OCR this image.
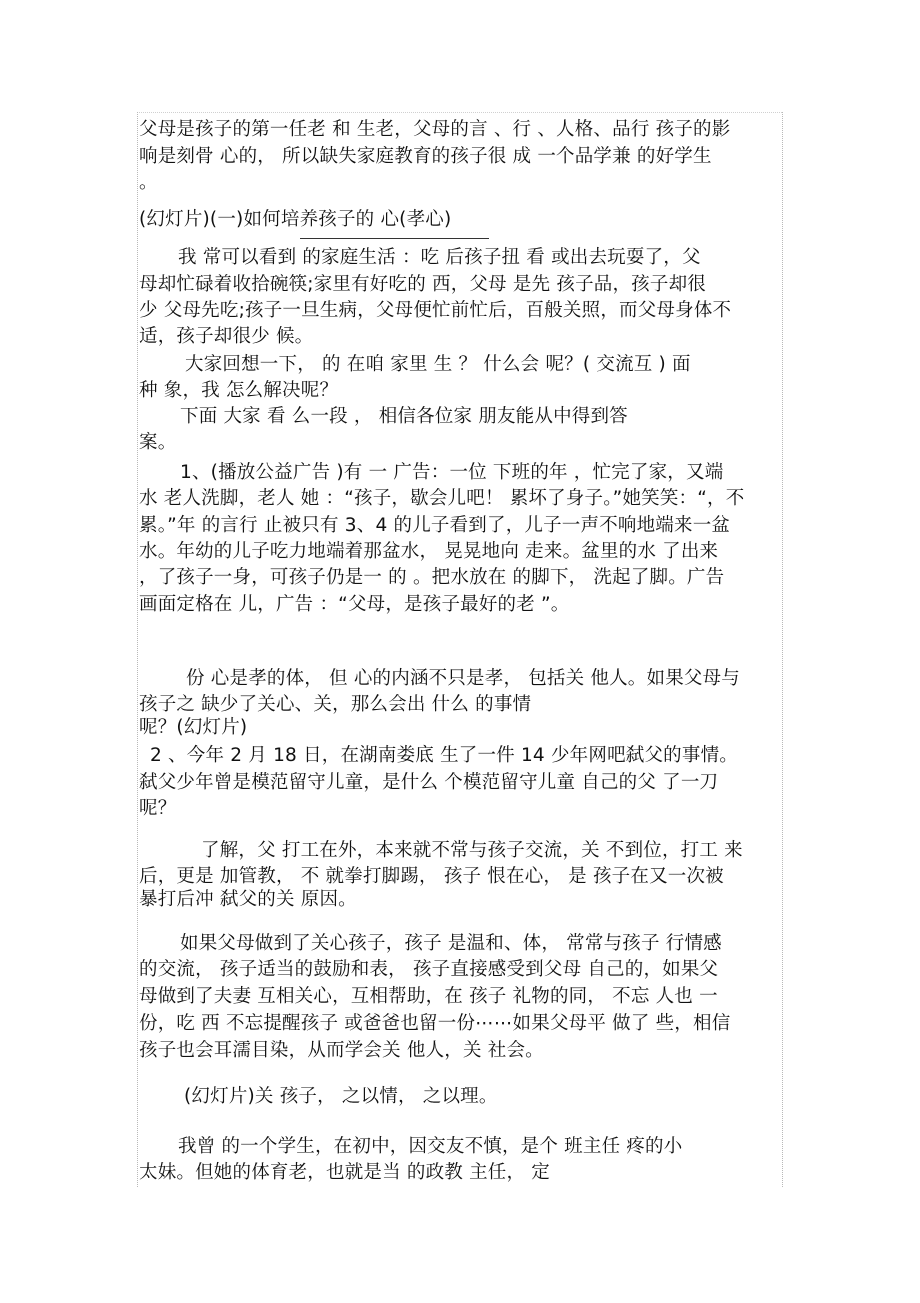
父母是孩子的第一任老 和 生老，父母的言 、行 、人格、品行 孩子的影
响是刻骨 心的， 所以缺失家庭教育的孩子很 成 一个品学兼 的好学生
。
(幻灯片)(一)如何培养孩子的 心(孝心)
我 常可以看到 的家庭生活 ：吃 后孩子扭 看 或出去玩耍了，父
母却忙碌着收拾碗筷;家里有好吃的 西，父母 是先 孩子品，孩子却很
少 父母先吃;孩子一旦生病，父母便忙前忙后，百般关照，而父母身体不
适，孩子却很少 候。
大家回想一下， 的 在咱 家里 生 ？ 什么会 呢？( 交流互 ) 面
种 象，我 怎么解决呢？
下面 大家 看 么一段 ， 相信各位家 朋友能从中得到答
案。
1、(播放公益广告 )有 一 广告：一位 下班的年 ，忙完了家，又端
水 老人洗脚，老人 她 ：“孩子，歇会儿吧！ 累坏了身子。”她笑笑：“，不
累。”年 的言行 止被只有 3、4 的儿子看到了，儿子一声不响地端来一盆
水。年幼的儿子吃力地端着那盆水， 晃晃地向 走来。盆里的水 了出来
，了孩子一身，可孩子仍是一 的 。把水放在 的脚下， 洗起了脚。广告
画面定格在 儿，广告 ：“父母，是孩子最好的老 ”。
份 心是孝的体， 但 心的内涵不只是孝， 包括关 他人。如果父母与
孩子之 缺少了关心、关，那么会出 什么 的事情
呢？(幻灯片)
2 、今年 2 月 18 日，在湖南娄底 生了一件 14 少年网吧弑父的事情。
弑父少年曾是模范留守儿童，是什么 个模范留守儿童 自己的父 了一刀
呢？
了解，父 打工在外，本来就不常与孩子交流，关 不到位，打工 来
后，更是 加管教， 不 就拳打脚踢， 孩子 恨在心， 是 孩子在又一次被
暴打后冲 弑父的关 原因。
如果父母做到了关心孩子，孩子 是温和、体， 常常与孩子 行情感
的交流， 孩子适当的鼓励和表， 孩子直接感受到父母 自己的，如果父
母做到了夫妻 互相关心，互相帮助，在 孩子 礼物的同， 不忘 人也 一
份，吃 西 不忘提醒孩子 或爸爸也留一份⋯⋯如果父母平 做了 些，相信
孩子也会耳濡目染，从而学会关 他人，关 社会。
(幻灯片)关 孩子， 之以情， 之以理。
我曾 的一个学生，在初中，因交友不慎，是个 班主任 疼的小
太妹。但她的体育老，也就是当 的政教 主任， 定
